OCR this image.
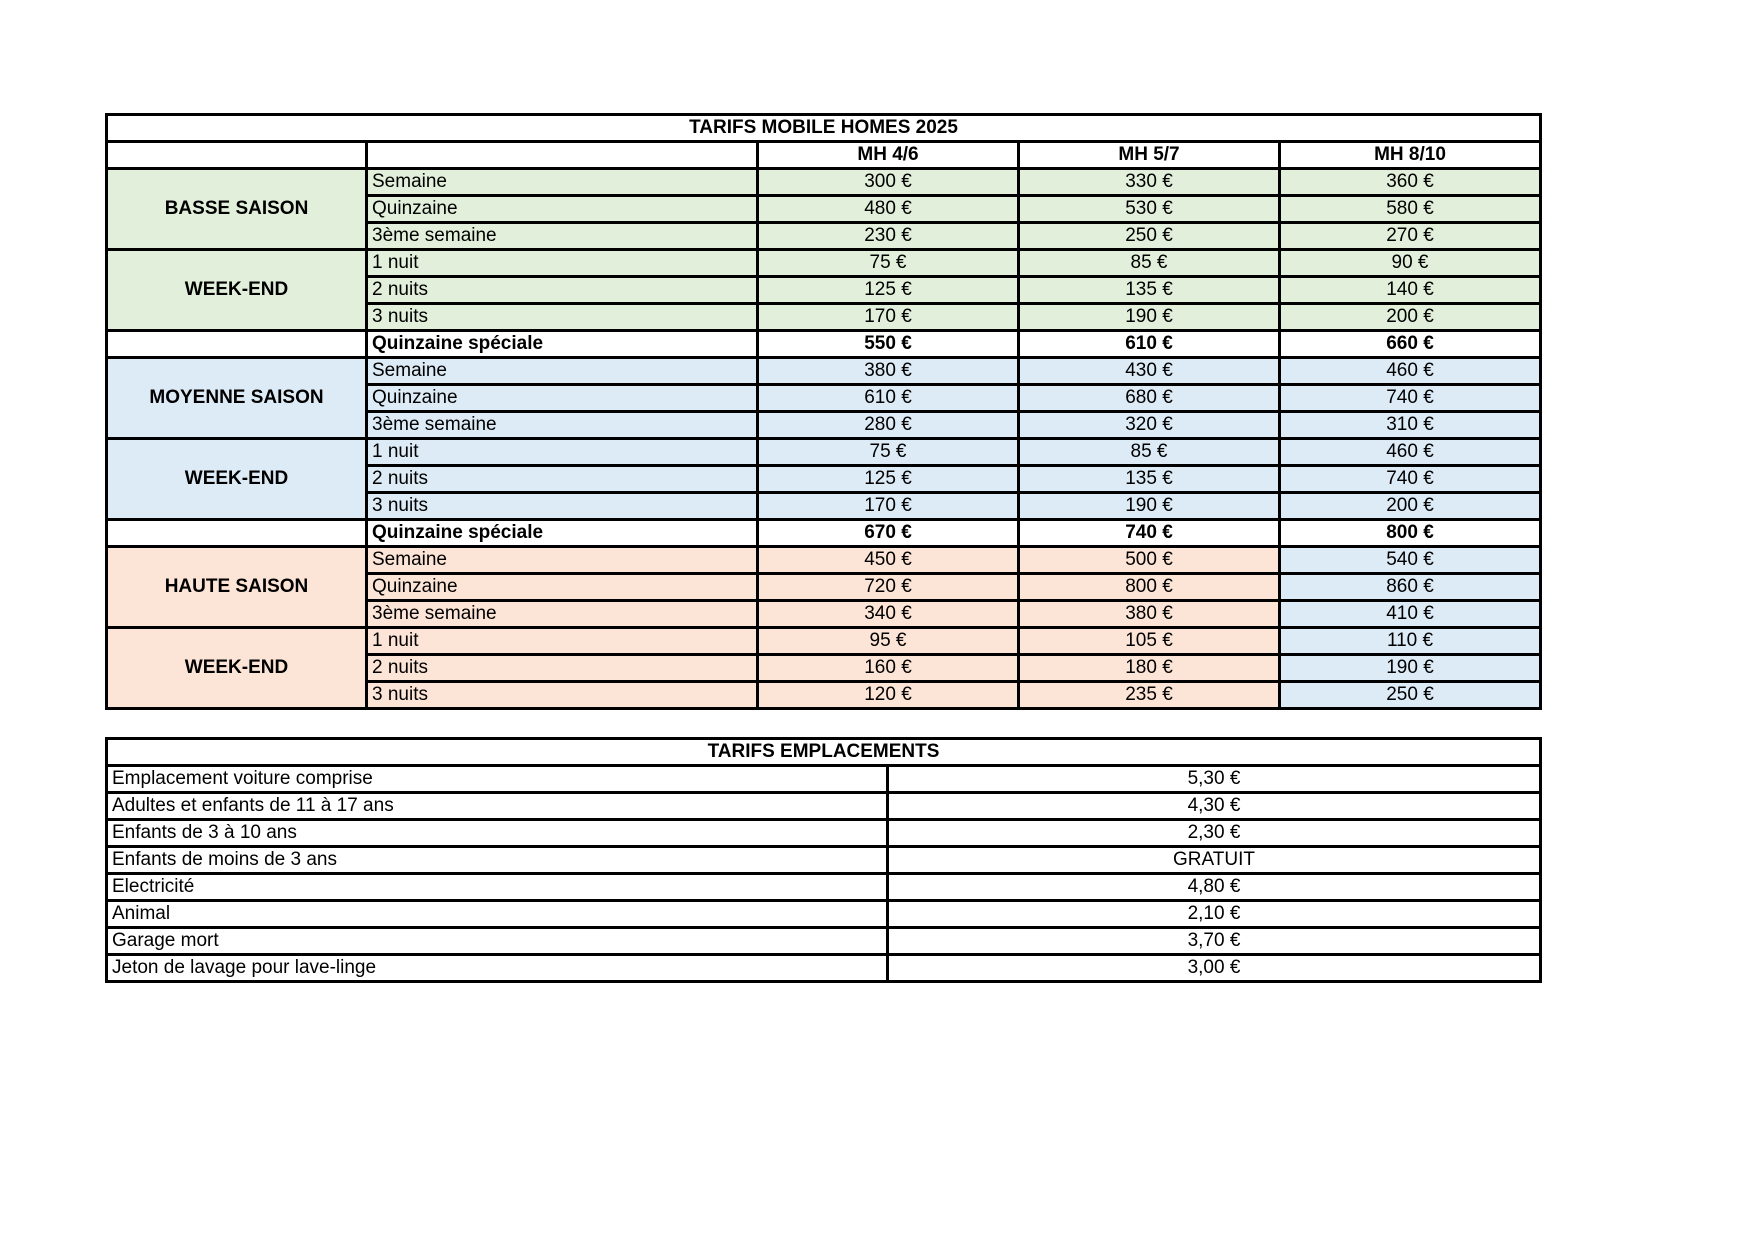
TARIFS MOBILE HOMES 2025				
		MH 4/6	MH 5/7	MH 8/10
BASSE SAISON	Semaine	300 €	330 €	360 €
	Quinzaine	480 €	530 €	580 €
	3ème semaine	230 €	250 €	270 €
WEEK-END	1 nuit	75 €	85 €	90 €
	2 nuits	125 €	135 €	140 €
	3 nuits	170 €	190 €	200 €
	Quinzaine spéciale	550 €	610 €	660 €
MOYENNE SAISON	Semaine	380 €	430 €	460 €
	Quinzaine	610 €	680 €	740 €
	3ème semaine	280 €	320 €	310 €
WEEK-END	1 nuit	75 €	85 €	460 €
	2 nuits	125 €	135 €	740 €
	3 nuits	170 €	190 €	200 €
	Quinzaine spéciale	670 €	740 €	800 €
HAUTE SAISON	Semaine	450 €	500 €	540 €
	Quinzaine	720 €	800 €	860 €
	3ème semaine	340 €	380 €	410 €
WEEK-END	1 nuit	95 €	105 €	110 €
	2 nuits	160 €	180 €	190 €
	3 nuits	120 €	235 €	250 €
TARIFS EMPLACEMENTS	
Emplacement voiture comprise	5,30 €
Adultes et enfants de 11 à 17 ans	4,30 €
Enfants de 3 à 10 ans	2,30 €
Enfants de moins de 3 ans	GRATUIT
Electricité	4,80 €
Animal	2,10 €
Garage mort	3,70 €
Jeton de lavage pour lave-linge	3,00 €
